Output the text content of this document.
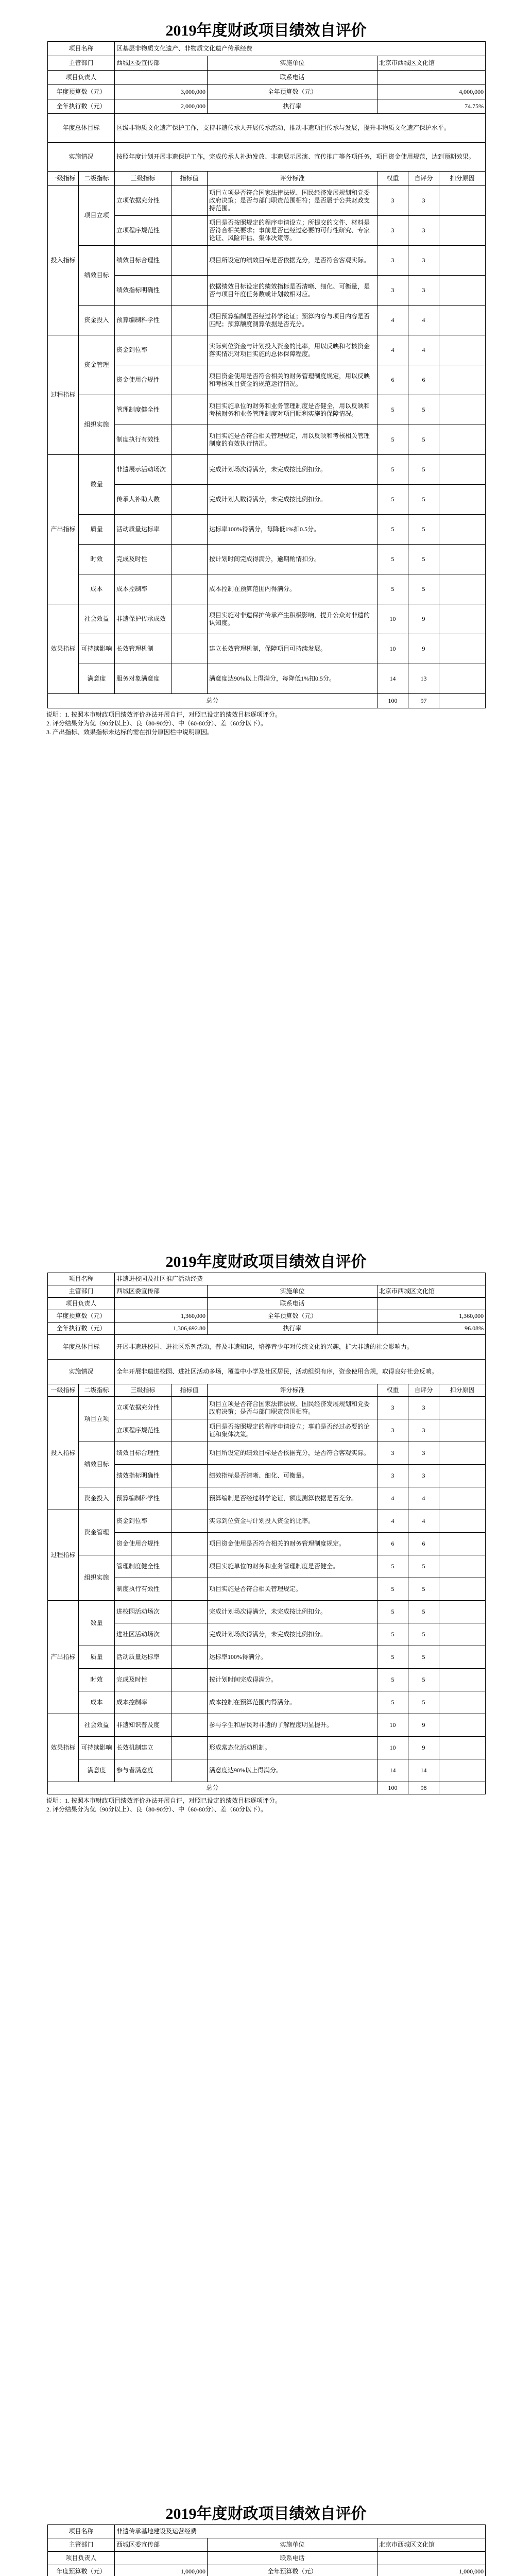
2019年度财政项目绩效自评价
项目名称		区基层非物质文化遗产、非物质文化遗产传承经费					
主管部门		西城区委宣传部		实施单位	北京市西城区文化馆		
项目负责人				联系电话			
年度预算数（元）		3,000,000		全年预算数（元）	4,000,000		
全年执行数（元）		2,000,000		执行率	74.75%		
年度总体目标		区级非物质文化遗产保护工作，支持非遗传承人开展传承活动，推动非遗项目传承与发展，提升非物质文化遗产保护水平。					
实施情况		按照年度计划开展非遗保护工作，完成传承人补助发放、非遗展示展演、宣传推广等各项任务，项目资金使用规范，达到预期效果。					
一级指标	二级指标	三级指标	指标值	评分标准	权重	自评分	扣分原因
投入指标	项目立项	立项依据充分性		项目立项是否符合国家法律法规、国民经济发展规划和党委政府决策；是否与部门职责范围相符；是否属于公共财政支持范围。	3	3	
		立项程序规范性		项目是否按照规定的程序申请设立；所提交的文件、材料是否符合相关要求；事前是否已经过必要的可行性研究、专家论证、风险评估、集体决策等。	3	3	
	绩效目标	绩效目标合理性		项目所设定的绩效目标是否依据充分，是否符合客观实际。	3	3	
		绩效指标明确性		依据绩效目标设定的绩效指标是否清晰、细化、可衡量，是否与项目年度任务数或计划数相对应。	3	3	
	资金投入	预算编制科学性		项目预算编制是否经过科学论证；预算内容与项目内容是否匹配；预算额度测算依据是否充分。	4	4	
过程指标	资金管理	资金到位率		实际到位资金与计划投入资金的比率，用以反映和考核资金落实情况对项目实施的总体保障程度。	4	4	
		资金使用合规性		项目资金使用是否符合相关的财务管理制度规定，用以反映和考核项目资金的规范运行情况。	6	6	
	组织实施	管理制度健全性		项目实施单位的财务和业务管理制度是否健全，用以反映和考核财务和业务管理制度对项目顺利实施的保障情况。	5	5	
		制度执行有效性		项目实施是否符合相关管理规定，用以反映和考核相关管理制度的有效执行情况。	5	5	
产出指标	数量	非遗展示活动场次		完成计划场次得满分，未完成按比例扣分。	5	5	
		传承人补助人数		完成计划人数得满分，未完成按比例扣分。	5	5	
	质量	活动质量达标率		达标率100%得满分，每降低1%扣0.5分。	5	5	
	时效	完成及时性		按计划时间完成得满分，逾期酌情扣分。	5	5	
	成本	成本控制率		成本控制在预算范围内得满分。	5	5	
效果指标	社会效益	非遗保护传承成效		项目实施对非遗保护传承产生积极影响，提升公众对非遗的认知度。	10	9	
	可持续影响	长效管理机制		建立长效管理机制，保障项目可持续发展。	10	9	
	满意度	服务对象满意度		满意度达90%以上得满分，每降低1%扣0.5分。	14	13	
总分					100	97	

说明：1. 按照本市财政项目绩效评价办法开展自评，对照已设定的绩效目标逐项评分。

2. 评分结果分为优（90分以上）、良（80-90分）、中（60-80分）、差（60分以下）。

3. 产出指标、效果指标未达标的需在扣分原因栏中说明原因。

2019年度财政项目绩效自评价
项目名称		非遗进校园及社区推广活动经费					
主管部门		西城区委宣传部		实施单位	北京市西城区文化馆		
项目负责人				联系电话			
年度预算数（元）		1,360,000		全年预算数（元）	1,360,000		
全年执行数（元）		1,306,692.80		执行率	96.08%		
年度总体目标		开展非遗进校园、进社区系列活动，普及非遗知识，培养青少年对传统文化的兴趣，扩大非遗的社会影响力。					
实施情况		全年开展非遗进校园、进社区活动多场，覆盖中小学及社区居民，活动组织有序，资金使用合规，取得良好社会反响。					
一级指标	二级指标	三级指标	指标值	评分标准	权重	自评分	扣分原因
投入指标	项目立项	立项依据充分性		项目立项是否符合国家法律法规、国民经济发展规划和党委政府决策；是否与部门职责范围相符。	3	3	
		立项程序规范性		项目是否按照规定的程序申请设立；事前是否经过必要的论证和集体决策。	3	3	
	绩效目标	绩效目标合理性		项目所设定的绩效目标是否依据充分，是否符合客观实际。	3	3	
		绩效指标明确性		绩效指标是否清晰、细化、可衡量。	3	3	
	资金投入	预算编制科学性		预算编制是否经过科学论证，额度测算依据是否充分。	4	4	
过程指标	资金管理	资金到位率		实际到位资金与计划投入资金的比率。	4	4	
		资金使用合规性		项目资金使用是否符合相关的财务管理制度规定。	6	6	
	组织实施	管理制度健全性		项目实施单位的财务和业务管理制度是否健全。	5	5	
		制度执行有效性		项目实施是否符合相关管理规定。	5	5	
产出指标	数量	进校园活动场次		完成计划场次得满分，未完成按比例扣分。	5	5	
		进社区活动场次		完成计划场次得满分，未完成按比例扣分。	5	5	
	质量	活动质量达标率		达标率100%得满分。	5	5	
	时效	完成及时性		按计划时间完成得满分。	5	5	
	成本	成本控制率		成本控制在预算范围内得满分。	5	5	
效果指标	社会效益	非遗知识普及度		参与学生和居民对非遗的了解程度明显提升。	10	9	
	可持续影响	长效机制建立		形成常态化活动机制。	10	9	
	满意度	参与者满意度		满意度达90%以上得满分。	14	14	
总分					100	98	

说明：1. 按照本市财政项目绩效评价办法开展自评，对照已设定的绩效目标逐项评分。

2. 评分结果分为优（90分以上）、良（80-90分）、中（60-80分）、差（60分以下）。

2019年度财政项目绩效自评价
项目名称		非遗传承基地建设及运营经费					
主管部门		西城区委宣传部		实施单位	北京市西城区文化馆		
项目负责人				联系电话			
年度预算数（元）		1,000,000		全年预算数（元）	1,000,000		
